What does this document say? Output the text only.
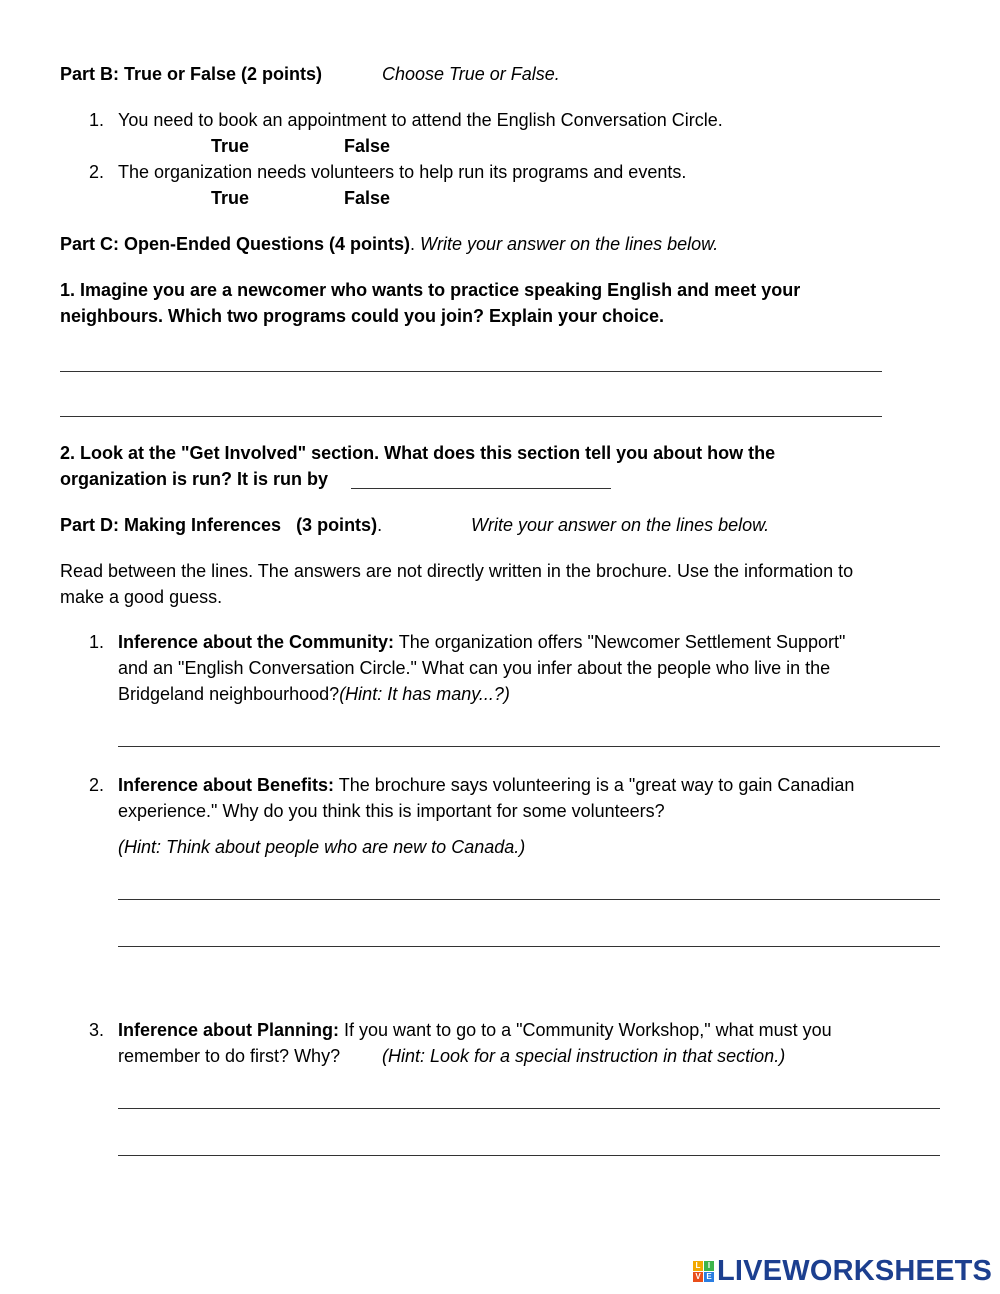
Part B: True or False (2 points)	Choose True or False.
1. You need to book an appointment to attend the English Conversation Circle.
True	False
2. The organization needs volunteers to help run its programs and events.
True	False
Part C: Open-Ended Questions (4 points). Write your answer on the lines below.
1. Imagine you are a newcomer who wants to practice speaking English and meet your
neighbours. Which two programs could you join? Explain your choice.
2. Look at the "Get Involved" section. What does this section tell you about how the
organization is run? It is run by
Part D: Making Inferences   (3 points).	Write your answer on the lines below.
Read between the lines. The answers are not directly written in the brochure. Use the information to
make a good guess.
1. Inference about the Community: The organization offers "Newcomer Settlement Support"
and an "English Conversation Circle." What can you infer about the people who live in the
Bridgeland neighbourhood?(Hint: It has many...?)
2. Inference about Benefits: The brochure says volunteering is a "great way to gain Canadian
experience." Why do you think this is important for some volunteers?
(Hint: Think about people who are new to Canada.)
3. Inference about Planning: If you want to go to a "Community Workshop," what must you
remember to do first? Why? (Hint: Look for a special instruction in that section.)
L I
V E LIVEWORKSHEETS
